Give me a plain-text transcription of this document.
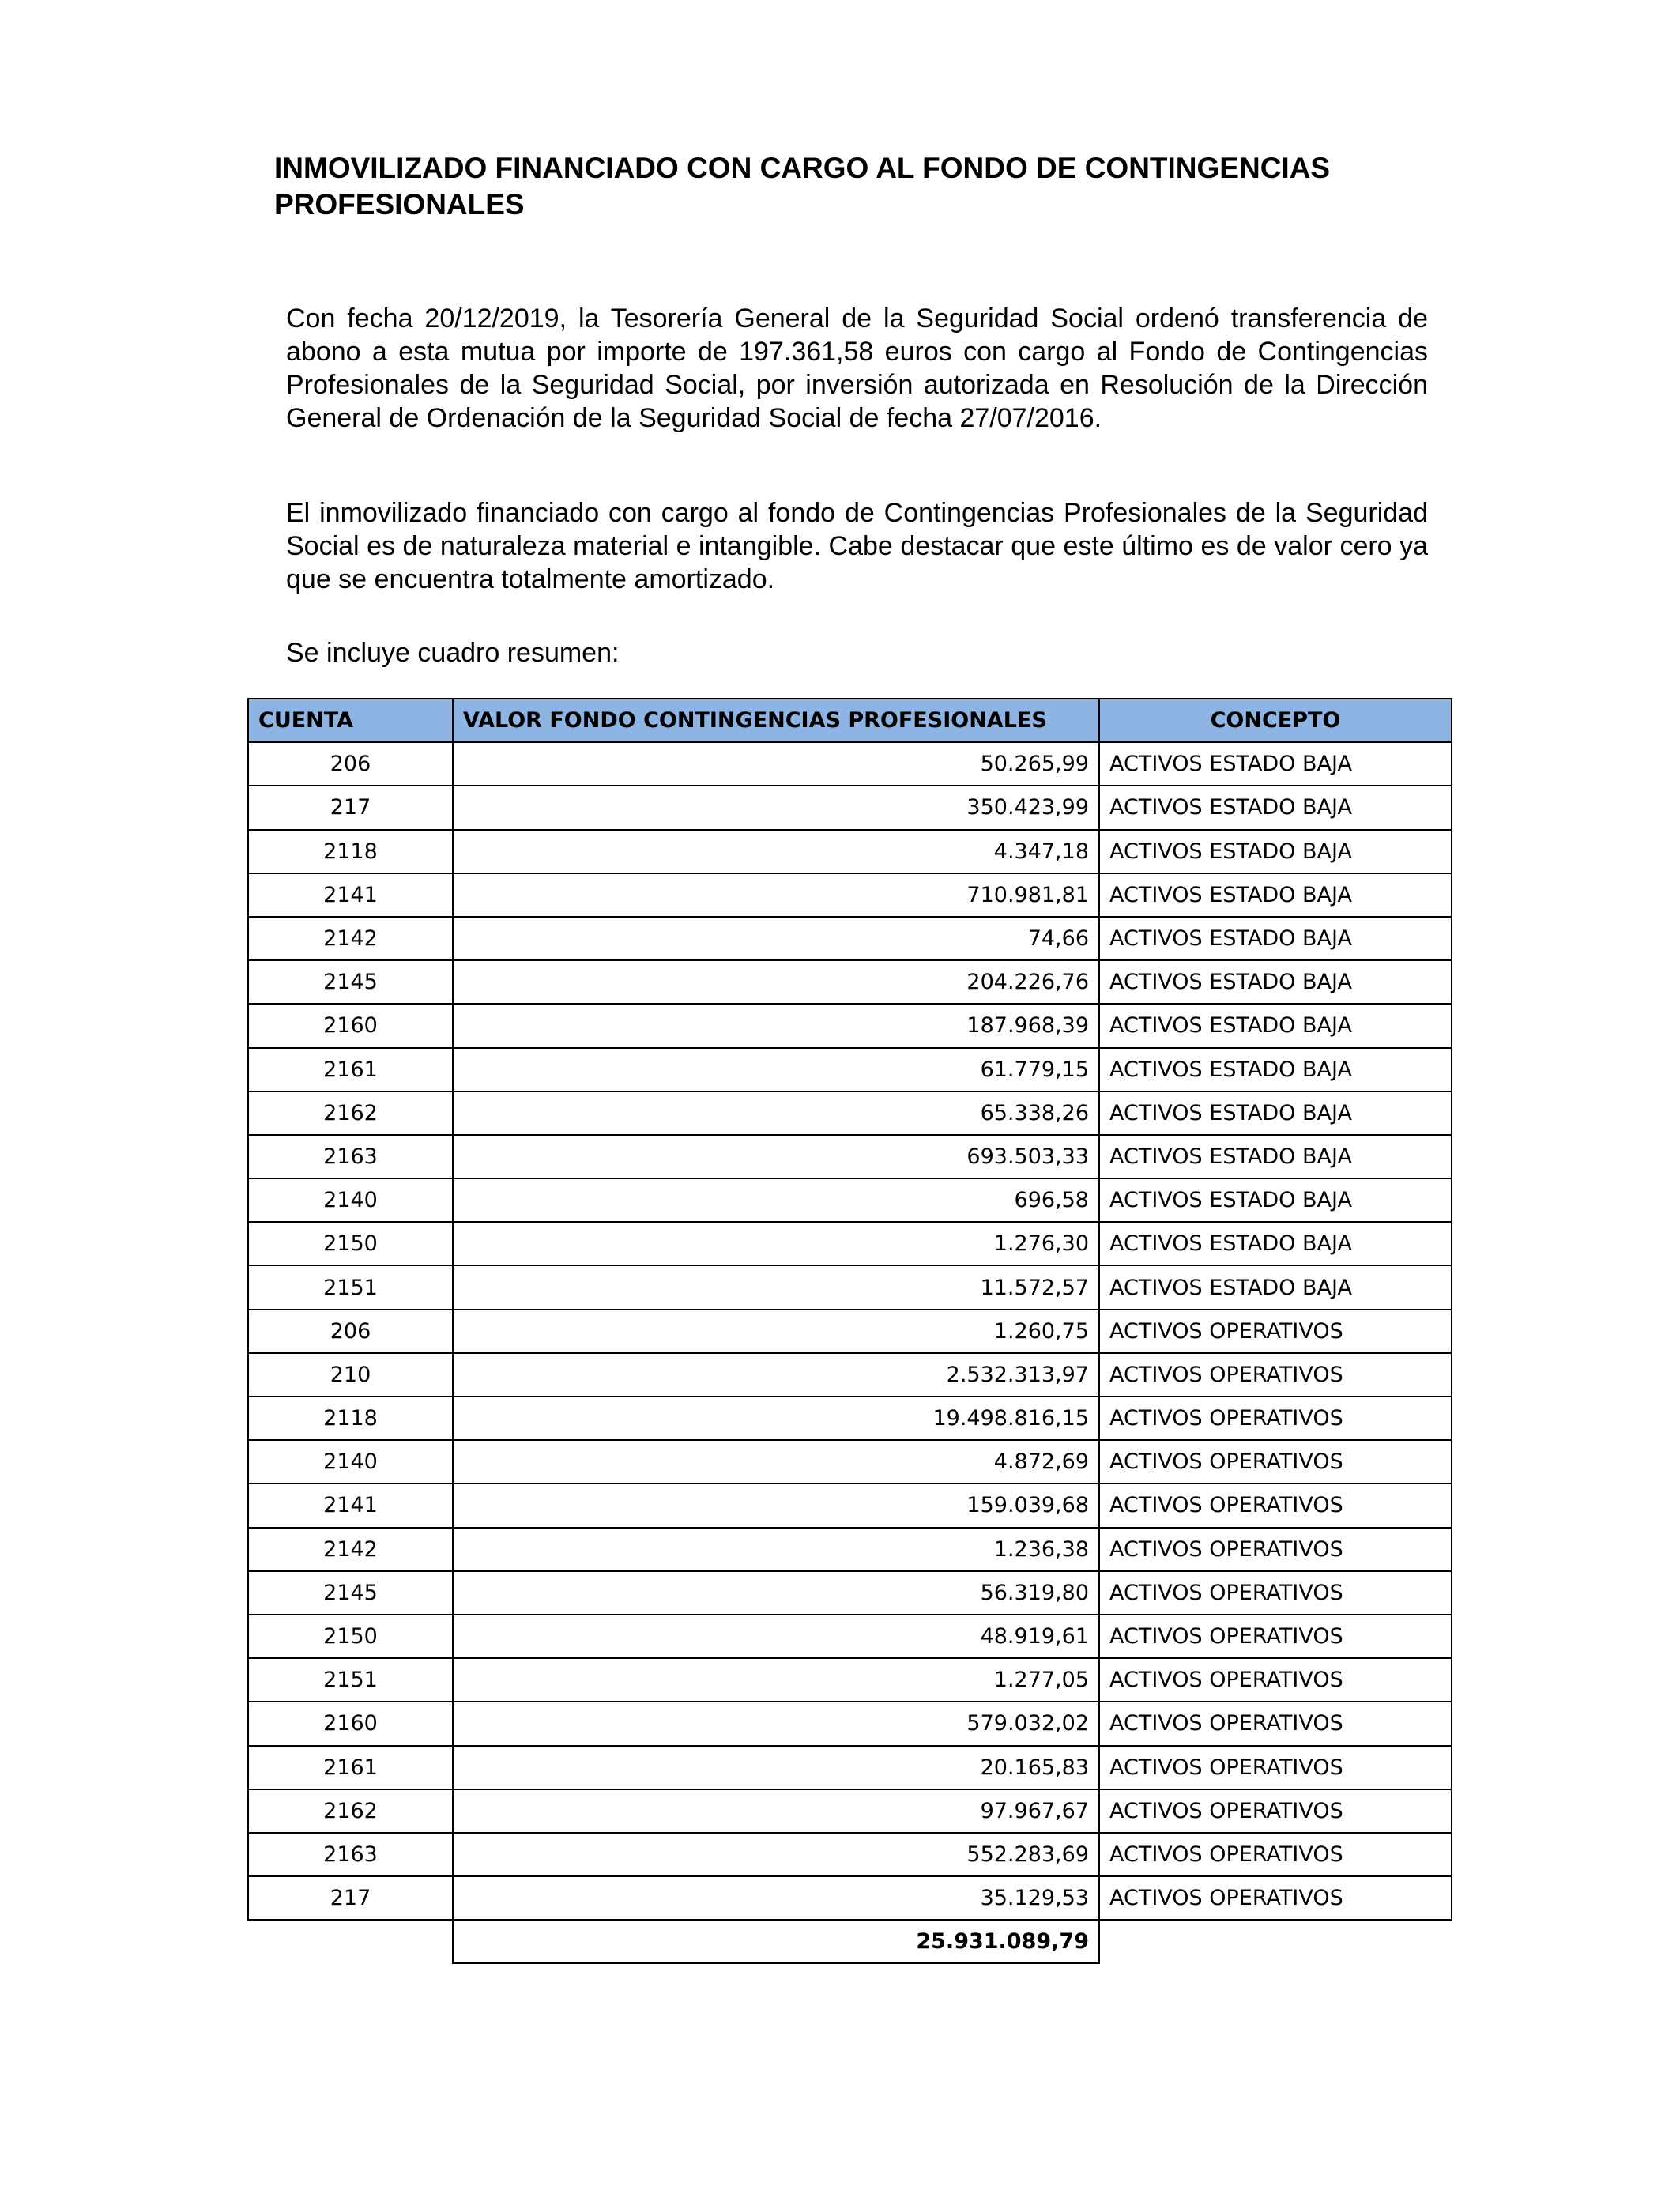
INMOVILIZADO FINANCIADO CON CARGO AL FONDO DE CONTINGENCIAS PROFESIONALES
Con fecha 20/12/2019, la Tesorería General de la Seguridad Social ordenó transferencia de abono a esta mutua por importe de 197.361,58 euros con cargo al Fondo de Contingencias Profesionales de la Seguridad Social, por inversión autorizada en Resolución de la Dirección General de Ordenación de la Seguridad Social de fecha 27/07/2016.
El inmovilizado financiado con cargo al fondo de Contingencias Profesionales de la Seguridad Social es de naturaleza material e intangible. Cabe destacar que este último es de valor cero ya que se encuentra totalmente amortizado.
Se incluye cuadro resumen:
CUENTA	VALOR FONDO CONTINGENCIAS PROFESIONALES	CONCEPTO
206	50.265,99	ACTIVOS ESTADO BAJA
217	350.423,99	ACTIVOS ESTADO BAJA
2118	4.347,18	ACTIVOS ESTADO BAJA
2141	710.981,81	ACTIVOS ESTADO BAJA
2142	74,66	ACTIVOS ESTADO BAJA
2145	204.226,76	ACTIVOS ESTADO BAJA
2160	187.968,39	ACTIVOS ESTADO BAJA
2161	61.779,15	ACTIVOS ESTADO BAJA
2162	65.338,26	ACTIVOS ESTADO BAJA
2163	693.503,33	ACTIVOS ESTADO BAJA
2140	696,58	ACTIVOS ESTADO BAJA
2150	1.276,30	ACTIVOS ESTADO BAJA
2151	11.572,57	ACTIVOS ESTADO BAJA
206	1.260,75	ACTIVOS OPERATIVOS
210	2.532.313,97	ACTIVOS OPERATIVOS
2118	19.498.816,15	ACTIVOS OPERATIVOS
2140	4.872,69	ACTIVOS OPERATIVOS
2141	159.039,68	ACTIVOS OPERATIVOS
2142	1.236,38	ACTIVOS OPERATIVOS
2145	56.319,80	ACTIVOS OPERATIVOS
2150	48.919,61	ACTIVOS OPERATIVOS
2151	1.277,05	ACTIVOS OPERATIVOS
2160	579.032,02	ACTIVOS OPERATIVOS
2161	20.165,83	ACTIVOS OPERATIVOS
2162	97.967,67	ACTIVOS OPERATIVOS
2163	552.283,69	ACTIVOS OPERATIVOS
217	35.129,53	ACTIVOS OPERATIVOS
	25.931.089,79	
